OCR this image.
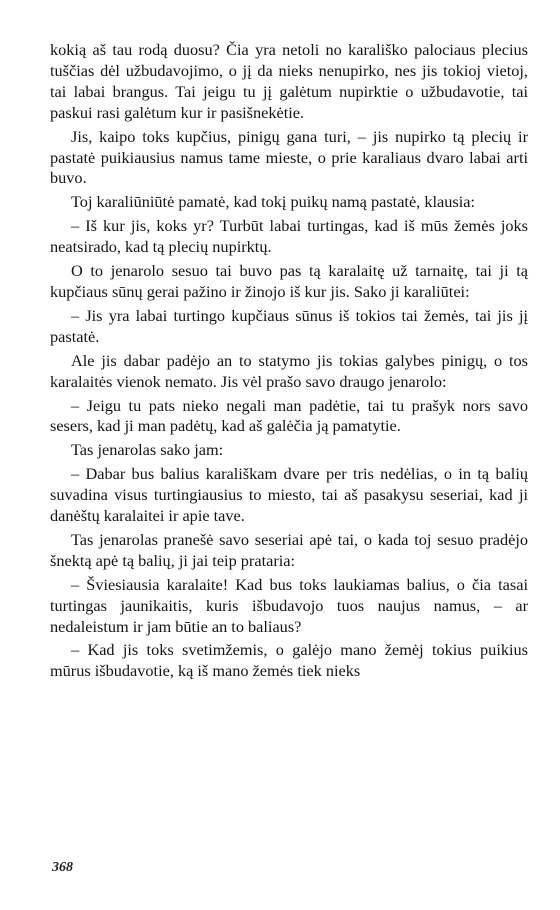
kokią aš tau rodą duosu? Čia yra netoli no karališko palociaus plecius tuščias dėl užbudavojimo, o jį da nieks nenupirko, nes jis tokioj vietoj, tai labai brangus. Tai jeigu tu jį galėtum nupirktie o užbudavotie, tai paskui rasi galėtum kur ir pasišnekėtie.

Jis, kaipo toks kupčius, pinigų gana turi, – jis nupirko tą plecių ir pastatė puikiausius namus tame mieste, o prie karaliaus dvaro labai arti buvo.

Toj karaliūniūtė pamatė, kad tokį puikų namą pastatė, klausia:

– Iš kur jis, koks yr? Turbūt labai turtingas, kad iš mūs žemės joks neatsirado, kad tą plecių nupirktų.

O to jenarolo sesuo tai buvo pas tą karalaitę už tarnaitę, tai ji tą kupčiaus sūnų gerai pažino ir žinojo iš kur jis. Sako ji karaliūtei:

– Jis yra labai turtingo kupčiaus sūnus iš tokios tai žemės, tai jis jį pastatė.

Ale jis dabar padėjo an to statymo jis tokias galybes pinigų, o tos karalaitės vienok nemato. Jis vėl prašo savo draugo jenarolo:

– Jeigu tu pats nieko negali man padėtie, tai tu prašyk nors savo sesers, kad ji man padėtų, kad aš galėčia ją pamatytie.

Tas jenarolas sako jam:

– Dabar bus balius karališkam dvare per tris nedėlias, o in tą balių suvadina visus turtingiausius to miesto, tai aš pasakysu seseriai, kad ji danėštų karalaitei ir apie tave.

Tas jenarolas pranešė savo seseriai apė tai, o kada toj sesuo pradėjo šnektą apė tą balių, ji jai teip prataria:

– Šviesiausia karalaite! Kad bus toks laukiamas balius, o čia tasai turtingas jaunikaitis, kuris išbudavojo tuos naujus namus, – ar nedaleistum ir jam būtie an to baliaus?

– Kad jis toks svetimžemis, o galėjo mano žemėj tokius puikius mūrus išbudavotie, ką iš mano žemės tiek nieks

368
